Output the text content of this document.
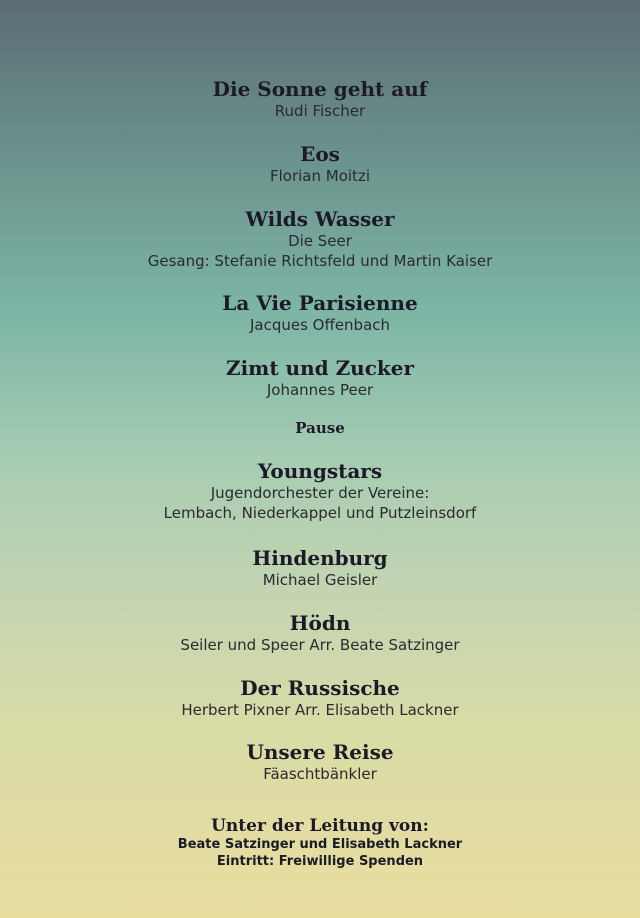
Die Sonne geht auf
Rudi Fischer
Eos
Florian Moitzi
Wilds Wasser
Die Seer
Gesang: Stefanie Richtsfeld und Martin Kaiser
La Vie Parisienne
Jacques Offenbach
Zimt und Zucker
Johannes Peer
Pause
Youngstars
Jugendorchester der Vereine:
Lembach, Niederkappel und Putzleinsdorf
Hindenburg
Michael Geisler
Hödn
Seiler und Speer Arr. Beate Satzinger
Der Russische
Herbert Pixner Arr. Elisabeth Lackner
Unsere Reise
Fäaschtbänkler
Unter der Leitung von:
Beate Satzinger und Elisabeth Lackner
Eintritt: Freiwillige Spenden
